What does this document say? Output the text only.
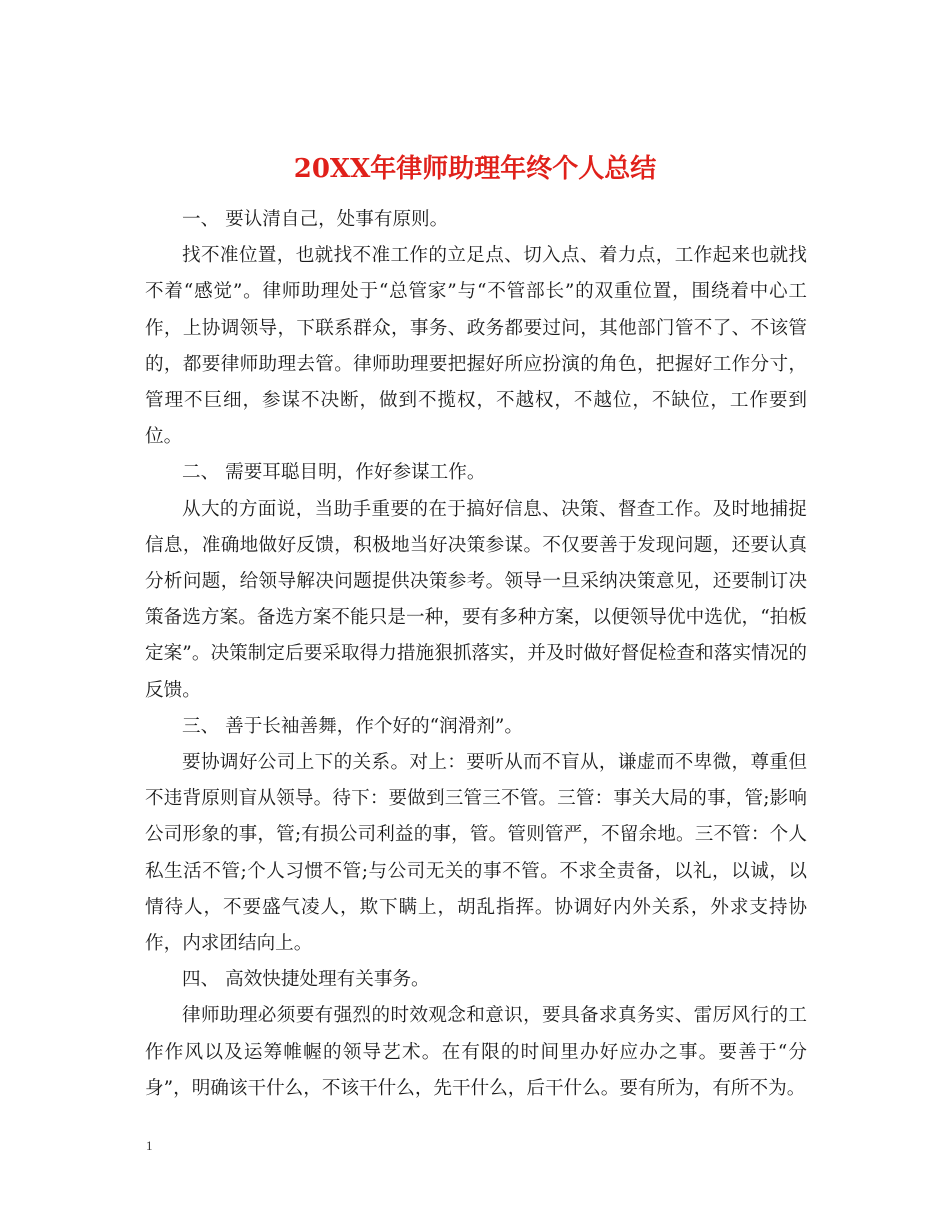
20XX年律师助理年终个人总结

一、 要认清自己，处事有原则。

找不准位置，也就找不准工作的立足点、切入点、着力点，工作起来也就找不着“感觉”。律师助理处于“总管家”与“不管部长”的双重位置，围绕着中心工作，上协调领导，下联系群众，事务、政务都要过问，其他部门管不了、不该管的，都要律师助理去管。律师助理要把握好所应扮演的角色，把握好工作分寸，管理不巨细，参谋不决断，做到不揽权，不越权，不越位，不缺位，工作要到位。

二、 需要耳聪目明，作好参谋工作。

从大的方面说，当助手重要的在于搞好信息、决策、督查工作。及时地捕捉信息，准确地做好反馈，积极地当好决策参谋。不仅要善于发现问题，还要认真分析问题，给领导解决问题提供决策参考。领导一旦采纳决策意见，还要制订决策备选方案。备选方案不能只是一种，要有多种方案，以便领导优中选优，“拍板定案”。决策制定后要采取得力措施狠抓落实，并及时做好督促检查和落实情况的反馈。

三、 善于长袖善舞，作个好的“润滑剂”。

要协调好公司上下的关系。对上：要听从而不盲从，谦虚而不卑微，尊重但不违背原则盲从领导。待下：要做到三管三不管。三管：事关大局的事，管;影响公司形象的事，管;有损公司利益的事，管。管则管严，不留余地。三不管：个人私生活不管;个人习惯不管;与公司无关的事不管。不求全责备，以礼，以诚，以情待人，不要盛气凌人，欺下瞒上，胡乱指挥。协调好内外关系，外求支持协作，内求团结向上。

四、 高效快捷处理有关事务。

律师助理必须要有强烈的时效观念和意识，要具备求真务实、雷厉风行的工作作风以及运筹帷幄的领导艺术。在有限的时间里办好应办之事。要善于“分身”，明确该干什么，不该干什么，先干什么，后干什么。要有所为，有所不为。

1
